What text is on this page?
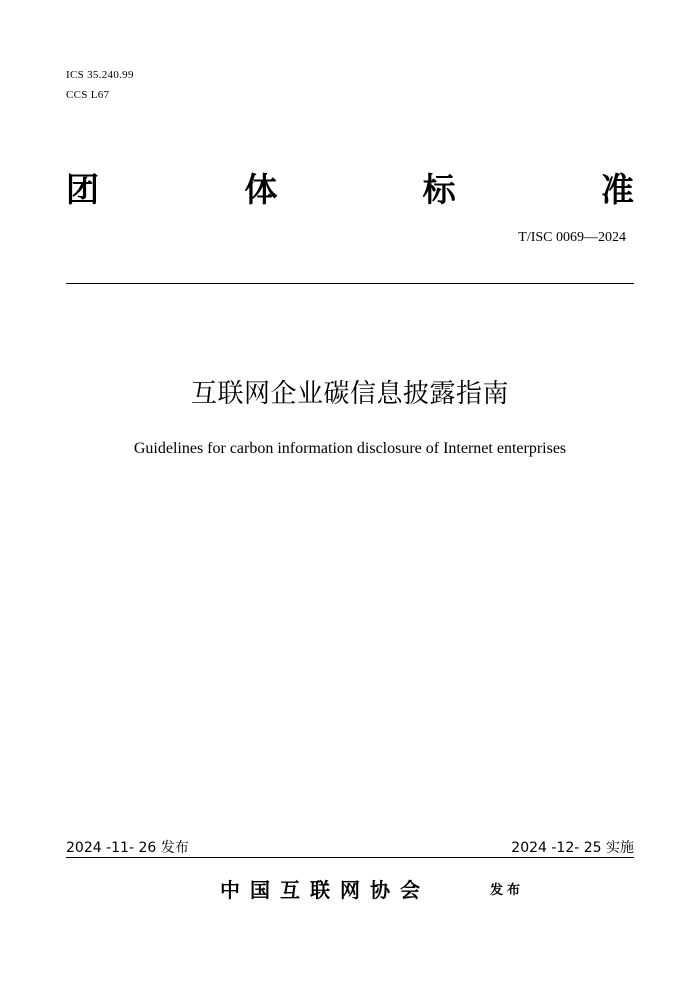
ICS 35.240.99
CCS L67
团	体	标	准
T/ISC 0069—2024
互联网企业碳信息披露指南
Guidelines for carbon information disclosure of Internet enterprises
2024 -11- 26 发布	2024 -12- 25 实施
中国互联网协会	发布
